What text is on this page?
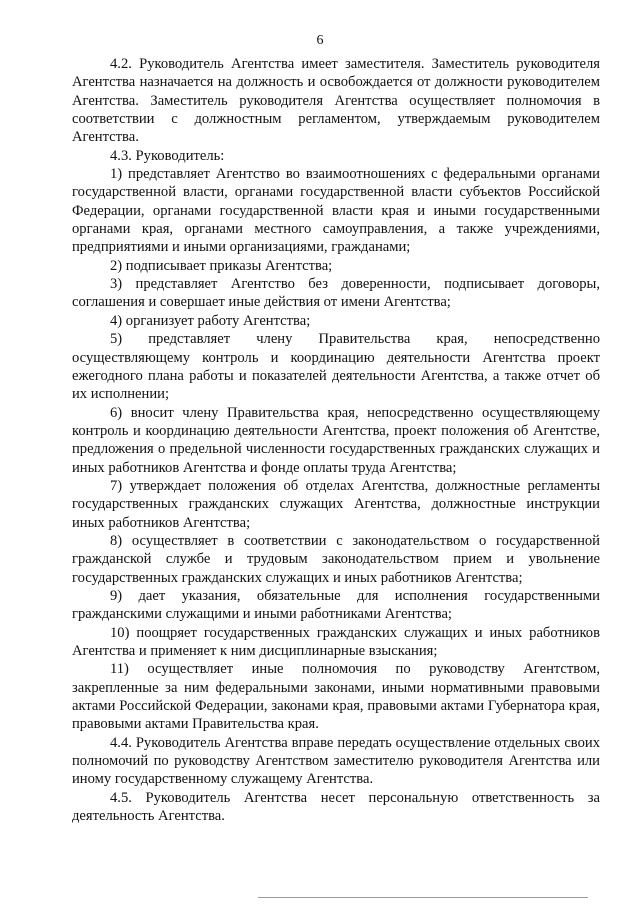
6

4.2. Руководитель Агентства имеет заместителя. Заместитель руководителя Агентства назначается на должность и освобождается от должности руководителем Агентства. Заместитель руководителя Агентства осуществляет полномочия в соответствии с должностным регламентом, утверждаемым руководителем Агентства.

4.3. Руководитель:

1) представляет Агентство во взаимоотношениях с федеральными органами государственной власти, органами государственной власти субъектов Российской Федерации, органами государственной власти края и иными государственными органами края, органами местного самоуправления, а также учреждениями, предприятиями и иными организациями, гражданами;

2) подписывает приказы Агентства;

3) представляет Агентство без доверенности, подписывает договоры, соглашения и совершает иные действия от имени Агентства;

4) организует работу Агентства;

5) представляет члену Правительства края, непосредственно осуществляющему контроль и координацию деятельности Агентства проект ежегодного плана работы и показателей деятельности Агентства, а также отчет об их исполнении;

6) вносит члену Правительства края, непосредственно осуществляющему контроль и координацию деятельности Агентства, проект положения об Агентстве, предложения о предельной численности государственных гражданских служащих и иных работников Агентства и фонде оплаты труда Агентства;

7) утверждает положения об отделах Агентства, должностные регламенты государственных гражданских служащих Агентства, должностные инструкции иных работников Агентства;

8) осуществляет в соответствии с законодательством о государственной гражданской службе и трудовым законодательством прием и увольнение государственных гражданских служащих и иных работников Агентства;

9) дает указания, обязательные для исполнения государственными гражданскими служащими и иными работниками Агентства;

10) поощряет государственных гражданских служащих и иных работников Агентства и применяет к ним дисциплинарные взыскания;

11) осуществляет иные полномочия по руководству Агентством, закрепленные за ним федеральными законами, иными нормативными правовыми актами Российской Федерации, законами края, правовыми актами Губернатора края, правовыми актами Правительства края.

4.4. Руководитель Агентства вправе передать осуществление отдельных своих полномочий по руководству Агентством заместителю руководителя Агентства или иному государственному служащему Агентства.

4.5. Руководитель Агентства несет персональную ответственность за деятельность Агентства.
